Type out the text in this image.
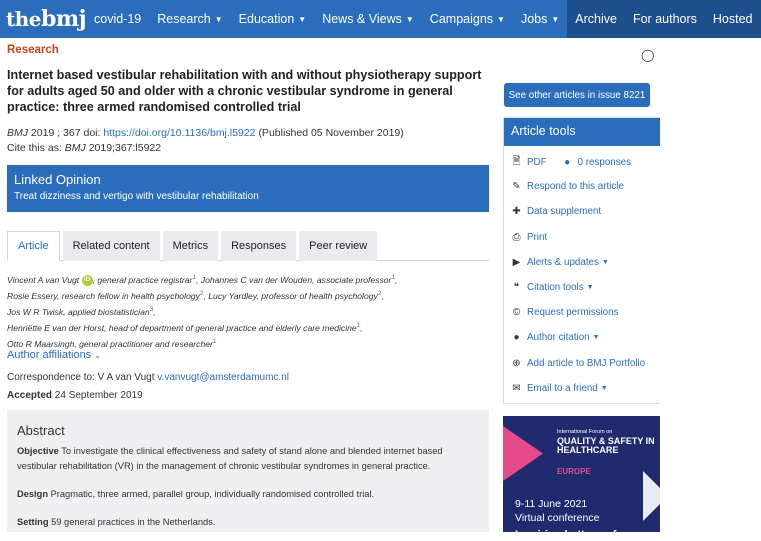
the bmj covid-19 Research ▼ Education ▼ News & Views ▼ Campaigns ▼ Jobs ▼ Archive For authors Hosted
Research
Internet based vestibular rehabilitation with and without physiotherapy support for adults aged 50 and older with a chronic vestibular syndrome in general practice: three armed randomised controlled trial
BMJ 2019 ; 367 doi: https://doi.org/10.1136/bmj.l5922 (Published 05 November 2019)
Cite this as: BMJ 2019;367:l5922
Linked Opinion
Treat dizziness and vertigo with vestibular rehabilitation
Article	Related content	Metrics	Responses	Peer review
Vincent A van Vugt iD , general practice registrar$^1$, Johannes C van der Wouden, associate professor$^1$,
Rosie Essery, research fellow in health psychology$^2$, Lucy Yardley, professor of health psychology$^2$,
Jos W R Twisk, applied biostatistician$^3$,
Henriëtte E van der Horst, head of department of general practice and elderly care medicine$^1$,
Otto R Maarsingh, general practitioner and researcher$^1$
Author affiliations ⌄
Correspondence to: V A van Vugt v.vanvugt@amsterdamumc.nl
Accepted 24 September 2019
Abstract

Objective To investigate the clinical effectiveness and safety of stand alone and blended internet based vestibular rehabilitation (VR) in the management of chronic vestibular syndromes in general practice.

Design Pragmatic, three armed, parallel group, individually randomised controlled trial.

Setting 59 general practices in the Netherlands.

◯
See other articles in issue 8221
Article tools
🗎 PDF	● 0 responses
✎ Respond to this article
✚ Data supplement
⎙ Print
▶ Alerts & updates ▼
❝ Citation tools ▼
© Request permissions
● Author citation ▼
⊕ Add article to BMJ Portfolio
✉ Email to a friend ▼
International Forum on
QUALITY & SAFETY IN HEALTHCARE
EUROPE
9-11 June 2021
Virtual conference
Inspiring better, safer care
